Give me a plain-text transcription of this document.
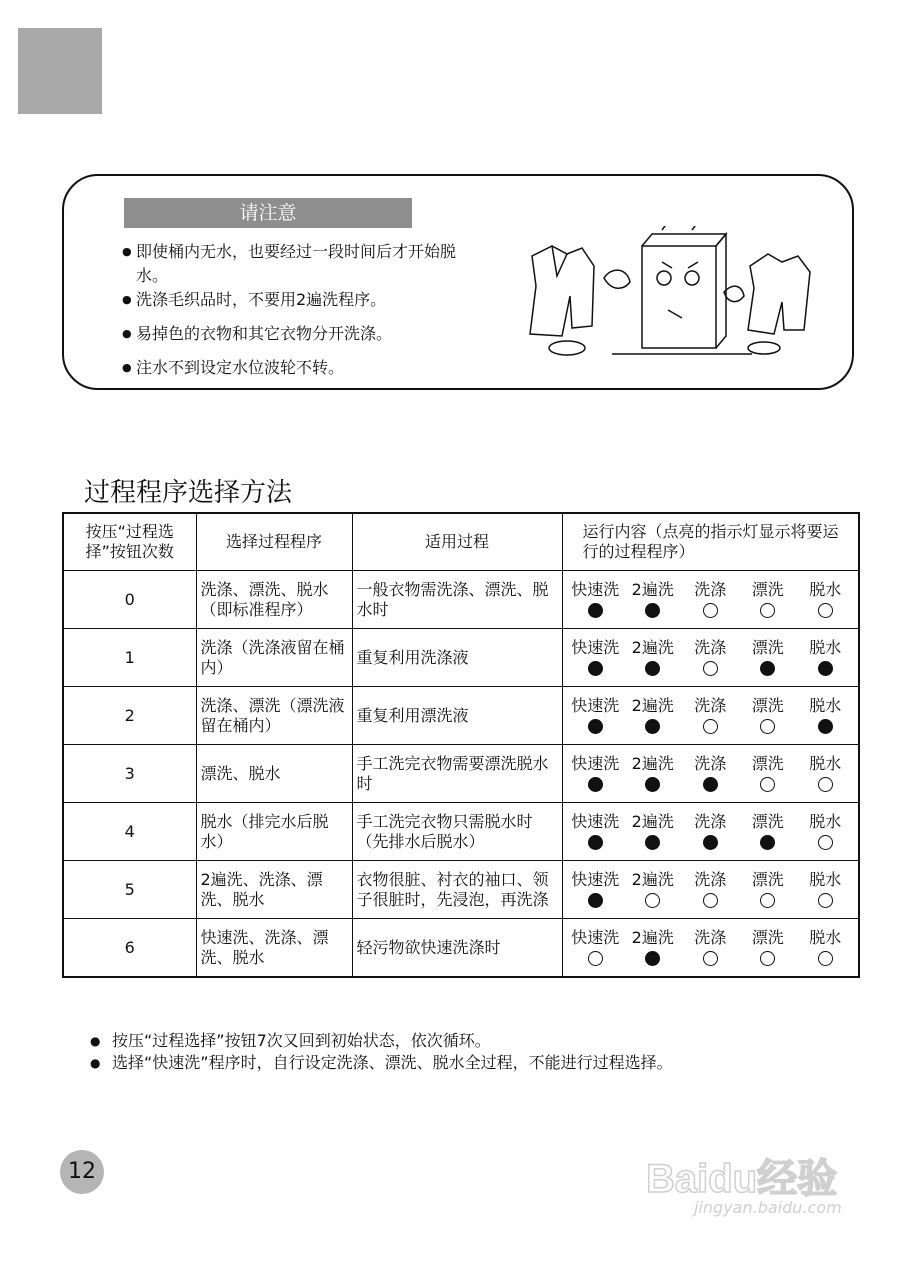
请注意
● 即使桶内无水，也要经过一段时间后才开始脱水。
● 洗涤毛织品时，不要用2遍洗程序。
● 易掉色的衣物和其它衣物分开洗涤。
● 注水不到设定水位波轮不转。
过程程序选择方法
按压“过程选择”按钮次数	选择过程程序	适用过程	运行内容（点亮的指示灯显示将要运行的过程程序）
0	洗涤、漂洗、脱水（即标准程序）	一般衣物需洗涤、漂洗、脱水时	快速洗 2遍洗 洗涤 漂洗 脱水

1	洗涤（洗涤液留在桶内）	重复利用洗涤液	快速洗 2遍洗 洗涤 漂洗 脱水

2	洗涤、漂洗（漂洗液留在桶内）	重复利用漂洗液	快速洗 2遍洗 洗涤 漂洗 脱水

3	漂洗、脱水	手工洗完衣物需要漂洗脱水时	快速洗 2遍洗 洗涤 漂洗 脱水

4	脱水（排完水后脱水）	手工洗完衣物只需脱水时（先排水后脱水）	快速洗 2遍洗 洗涤 漂洗 脱水

5	2遍洗、洗涤、漂洗、脱水	衣物很脏、衬衣的袖口、领子很脏时，先浸泡，再洗涤	快速洗 2遍洗 洗涤 漂洗 脱水

6	快速洗、洗涤、漂洗、脱水	轻污物欲快速洗涤时	快速洗 2遍洗 洗涤 漂洗 脱水
● 按压“过程选择”按钮7次又回到初始状态，依次循环。
● 选择“快速洗”程序时，自行设定洗涤、漂洗、脱水全过程，不能进行过程选择。
12	Baidu经验
jingyan.baidu.com
